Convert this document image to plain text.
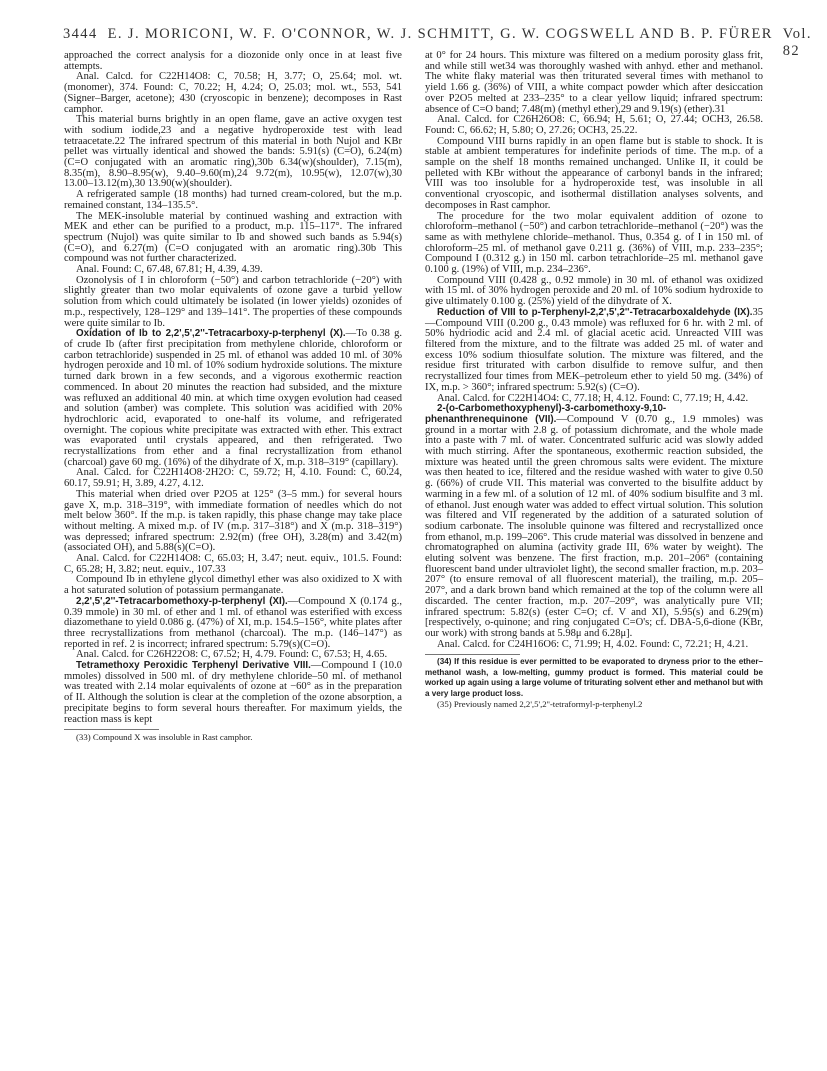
3444 E. J. MORICONI, W. F. O'CONNOR, W. J. SCHMITT, G. W. COGSWELL AND B. P. FÜRER Vol. 82

approached the correct analysis for a diozonide only once in at least five attempts.

Anal. Calcd. for C22H14O8: C, 70.58; H, 3.77; O, 25.64; mol. wt. (monomer), 374. Found: C, 70.22; H, 4.24; O, 25.03; mol. wt., 553, 541 (Signer–Barger, acetone); 430 (cryoscopic in benzene); decomposes in Rast camphor.

This material burns brightly in an open flame, gave an active oxygen test with sodium iodide,23 and a negative hydroperoxide test with lead tetraacetate.22 The infrared spectrum of this material in both Nujol and KBr pellet was virtually identical and showed the bands: 5.91(s) (C=O), 6.24(m)(C=O conjugated with an aromatic ring),30b 6.34(w)(shoulder), 7.15(m), 8.35(m), 8.90–8.95(w), 9.40–9.60(m),24 9.72(m), 10.95(w), 12.07(w),30 13.00–13.12(m),30 13.90(w)(shoulder).

A refrigerated sample (18 months) had turned cream-colored, but the m.p. remained constant, 134–135.5°.

The MEK-insoluble material by continued washing and extraction with MEK and ether can be purified to a product, m.p. 115–117°. The infrared spectrum (Nujol) was quite similar to Ib and showed such bands as 5.94(s) (C=O), and 6.27(m) (C=O conjugated with an aromatic ring).30b This compound was not further characterized.

Anal. Found: C, 67.48, 67.81; H, 4.39, 4.39.

Ozonolysis of I in chloroform (−50°) and carbon tetrachloride (−20°) with slightly greater than two molar equivalents of ozone gave a turbid yellow solution from which could ultimately be isolated (in lower yields) ozonides of m.p., respectively, 128–129° and 139–141°. The properties of these compounds were quite similar to Ib.

Oxidation of Ib to 2,2',5',2''-Tetracarboxy-p-terphenyl (X).—To 0.38 g. of crude Ib (after first precipitation from methylene chloride, chloroform or carbon tetrachloride) suspended in 25 ml. of ethanol was added 10 ml. of 30% hydrogen peroxide and 10 ml. of 10% sodium hydroxide solutions. The mixture turned dark brown in a few seconds, and a vigorous exothermic reaction commenced. In about 20 minutes the reaction had subsided, and the mixture was refluxed an additional 40 min. at which time oxygen evolution had ceased and solution (amber) was complete. This solution was acidified with 20% hydrochloric acid, evaporated to one-half its volume, and refrigerated overnight. The copious white precipitate was extracted with ether. This extract was evaporated until crystals appeared, and then refrigerated. Two recrystallizations from ether and a final recrystallization from ethanol (charcoal) gave 60 mg. (16%) of the dihydrate of X, m.p. 318–319° (capillary).

Anal. Calcd. for C22H14O8·2H2O: C, 59.72; H, 4.10. Found: C, 60.24, 60.17, 59.91; H, 3.89, 4.27, 4.12.

This material when dried over P2O5 at 125° (3–5 mm.) for several hours gave X, m.p. 318–319°, with immediate formation of needles which do not melt below 360°. If the m.p. is taken rapidly, this phase change may take place without melting. A mixed m.p. of IV (m.p. 317–318°) and X (m.p. 318–319°) was depressed; infrared spectrum: 2.92(m) (free OH), 3.28(m) and 3.42(m) (associated OH), and 5.88(s)(C=O).

Anal. Calcd. for C22H14O8: C, 65.03; H, 3.47; neut. equiv., 101.5. Found: C, 65.28; H, 3.82; neut. equiv., 107.33

Compound Ib in ethylene glycol dimethyl ether was also oxidized to X with a hot saturated solution of potassium permanganate.

2,2',5',2''-Tetracarbomethoxy-p-terphenyl (XI).—Compound X (0.174 g., 0.39 mmole) in 30 ml. of ether and 1 ml. of ethanol was esterified with excess diazomethane to yield 0.086 g. (47%) of XI, m.p. 154.5–156°, white plates after three recrystallizations from methanol (charcoal). The m.p. (146–147°) as reported in ref. 2 is incorrect; infrared spectrum: 5.79(s)(C=O).

Anal. Calcd. for C26H22O8: C, 67.52; H, 4.79. Found: C, 67.53; H, 4.65.

Tetramethoxy Peroxidic Terphenyl Derivative VIII.—Compound I (10.0 mmoles) dissolved in 500 ml. of dry methylene chloride–50 ml. of methanol was treated with 2.14 molar equivalents of ozone at −60° as in the preparation of II. Although the solution is clear at the completion of the ozone absorption, a precipitate begins to form several hours thereafter. For maximum yields, the reaction mass is kept

(33) Compound X was insoluble in Rast camphor.

at 0° for 24 hours. This mixture was filtered on a medium porosity glass frit, and while still wet34 was thoroughly washed with anhyd. ether and methanol. The white flaky material was then triturated several times with methanol to yield 1.66 g. (36%) of VIII, a white compact powder which after desiccation over P2O5 melted at 233–235° to a clear yellow liquid; infrared spectrum: absence of C=O band; 7.48(m) (methyl ether),29 and 9.19(s) (ether).31

Anal. Calcd. for C26H26O8: C, 66.94; H, 5.61; O, 27.44; OCH3, 26.58. Found: C, 66.62; H, 5.80; O, 27.26; OCH3, 25.22.

Compound VIII burns rapidly in an open flame but is stable to shock. It is stable at ambient temperatures for indefinite periods of time. The m.p. of a sample on the shelf 18 months remained unchanged. Unlike II, it could be pelleted with KBr without the appearance of carbonyl bands in the infrared; VIII was too insoluble for a hydroperoxide test, was insoluble in all conventional cryoscopic, and isothermal distillation analyses solvents, and decomposes in Rast camphor.

The procedure for the two molar equivalent addition of ozone to chloroform–methanol (−50°) and carbon tetrachloride–methanol (−20°) was the same as with methylene chloride–methanol. Thus, 0.354 g. of I in 150 ml. of chloroform–25 ml. of methanol gave 0.211 g. (36%) of VIII, m.p. 233–235°; Compound I (0.312 g.) in 150 ml. carbon tetrachloride–25 ml. methanol gave 0.100 g. (19%) of VIII, m.p. 234–236°.

Compound VIII (0.428 g., 0.92 mmole) in 30 ml. of ethanol was oxidized with 15 ml. of 30% hydrogen peroxide and 20 ml. of 10% sodium hydroxide to give ultimately 0.100 g. (25%) yield of the dihydrate of X.

Reduction of VIII to p-Terphenyl-2,2',5',2''-Tetracarboxaldehyde (IX).35—Compound VIII (0.200 g., 0.43 mmole) was refluxed for 6 hr. with 2 ml. of 50% hydriodic acid and 2.4 ml. of glacial acetic acid. Unreacted VIII was filtered from the mixture, and to the filtrate was added 25 ml. of water and excess 10% sodium thiosulfate solution. The mixture was filtered, and the residue first triturated with carbon disulfide to remove sulfur, and then recrystallized four times from MEK–petroleum ether to yield 50 mg. (34%) of IX, m.p. > 360°; infrared spectrum: 5.92(s) (C=O).

Anal. Calcd. for C22H14O4: C, 77.18; H, 4.12. Found: C, 77.19; H, 4.42.

2-(o-Carbomethoxyphenyl)-3-carbomethoxy-9,10-phenanthrenequinone (VII).—Compound V (0.70 g., 1.9 mmoles) was ground in a mortar with 2.8 g. of potassium dichromate, and the whole made into a paste with 7 ml. of water. Concentrated sulfuric acid was slowly added with much stirring. After the spontaneous, exothermic reaction subsided, the mixture was heated until the green chromous salts were evident. The mixture was then heated to ice, filtered and the residue washed with water to give 0.50 g. (66%) of crude VII. This material was converted to the bisulfite adduct by warming in a few ml. of a solution of 12 ml. of 40% sodium bisulfite and 3 ml. of ethanol. Just enough water was added to effect virtual solution. This solution was filtered and VII regenerated by the addition of a saturated solution of sodium carbonate. The insoluble quinone was filtered and recrystallized once from ethanol, m.p. 199–206°. This crude material was dissolved in benzene and chromatographed on alumina (activity grade III, 6% water by weight). The eluting solvent was benzene. The first fraction, m.p. 201–206° (containing fluorescent band under ultraviolet light), the second smaller fraction, m.p. 203–207° (to ensure removal of all fluorescent material), the trailing, m.p. 205–207°, and a dark brown band which remained at the top of the column were all discarded. The center fraction, m.p. 207–209°, was analytically pure VII; infrared spectrum: 5.82(s) (ester C=O; cf. V and XI), 5.95(s) and 6.29(m) [respectively, o-quinone; and ring conjugated C=O's; cf. DBA-5,6-dione (KBr, our work) with strong bands at 5.98μ and 6.28μ].

Anal. Calcd. for C24H16O6: C, 71.99; H, 4.02. Found: C, 72.21; H, 4.21.

(34) If this residue is ever permitted to be evaporated to dryness prior to the ether–methanol wash, a low-melting, gummy product is formed. This material could be worked up again using a large volume of triturating solvent ether and methanol but with a very large product loss.

(35) Previously named 2,2',5',2''-tetraformyl-p-terphenyl.2
